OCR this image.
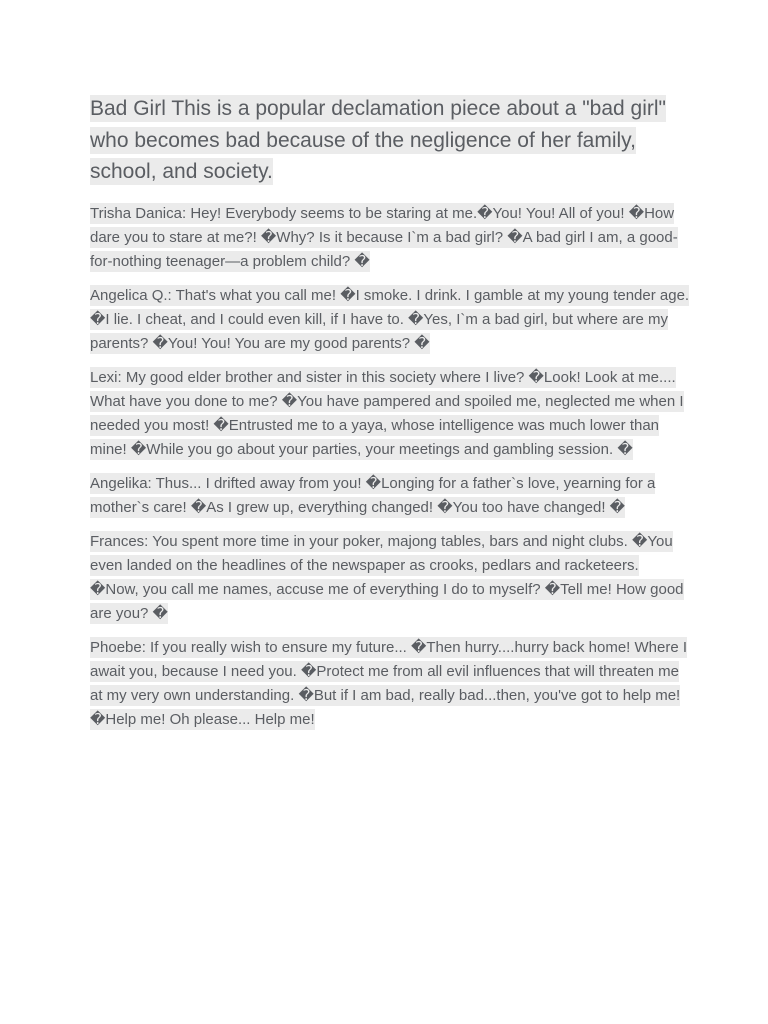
Bad Girl This is a popular declamation piece about a "bad girl" who becomes bad because of the negligence of her family, school, and society.

Trisha Danica: Hey! Everybody seems to be staring at me.�You! You! All of you! �How dare you to stare at me?! �Why? Is it because I`m a bad girl? �A bad girl I am, a good-for-nothing teenager—a problem child? �

Angelica Q.: That's what you call me! �I smoke. I drink. I gamble at my young tender age. �I lie. I cheat, and I could even kill, if I have to. �Yes, I`m a bad girl, but where are my parents? �You! You! You are my good parents? �

Lexi: My good elder brother and sister in this society where I live? �Look! Look at me.... What have you done to me? �You have pampered and spoiled me, neglected me when I needed you most! �Entrusted me to a yaya, whose intelligence was much lower than mine! �While you go about your parties, your meetings and gambling session. �

Angelika: Thus... I drifted away from you! �Longing for a father`s love, yearning for a mother`s care! �As I grew up, everything changed! �You too have changed! �

Frances: You spent more time in your poker, majong tables, bars and night clubs. �You even landed on the headlines of the newspaper as crooks, pedlars and racketeers. �Now, you call me names, accuse me of everything I do to myself? �Tell me! How good are you? �

Phoebe: If you really wish to ensure my future... �Then hurry....hurry back home! Where I await you, because I need you. �Protect me from all evil influences that will threaten me at my very own understanding. �But if I am bad, really bad...then, you've got to help me! �Help me! Oh please... Help me!
